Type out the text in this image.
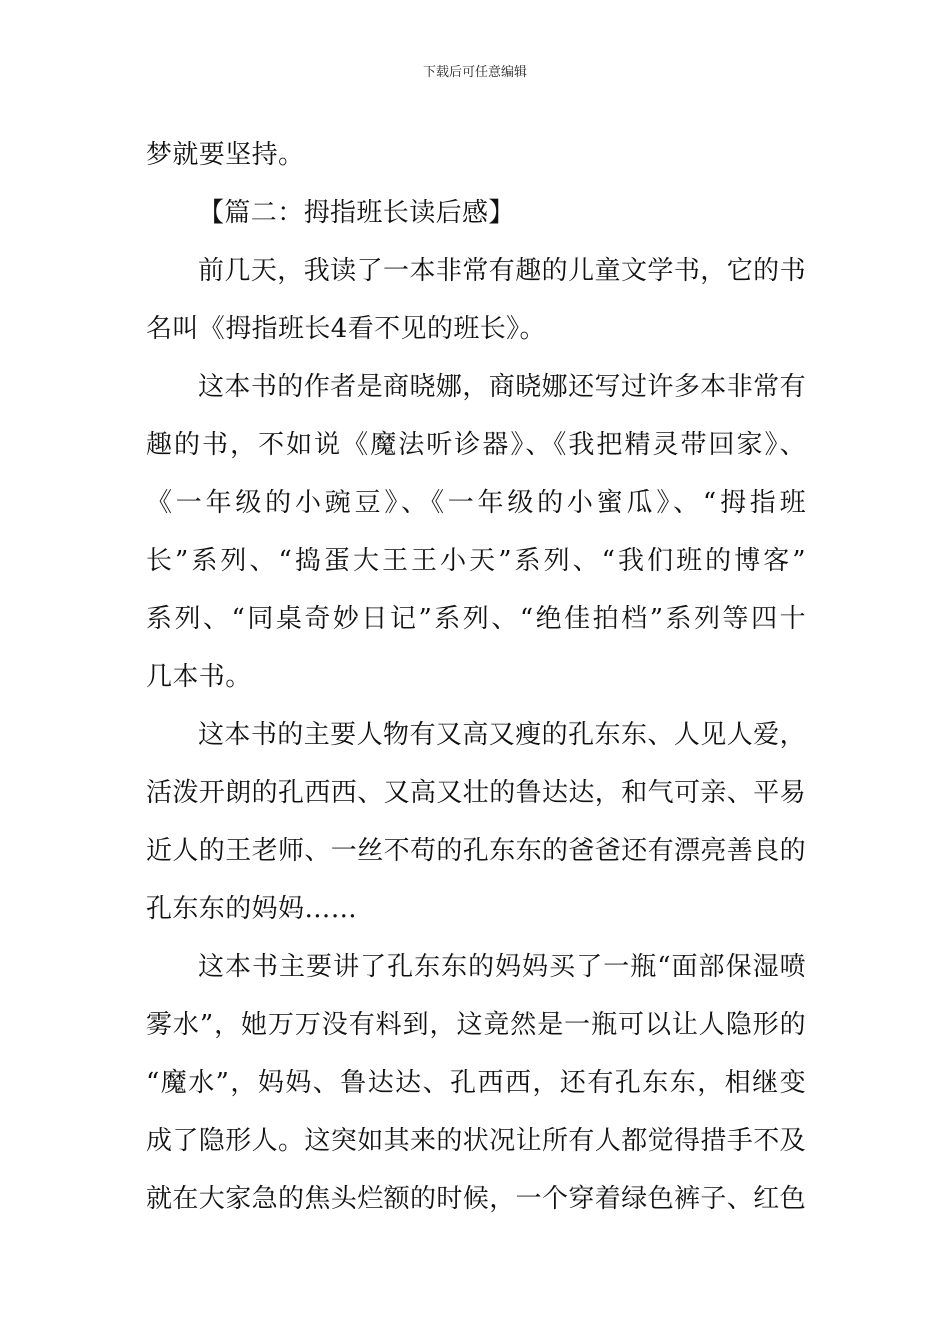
下载后可任意编辑
梦就要坚持。
【篇二：拇指班长读后感】
前几天，我读了一本非常有趣的儿童文学书，它的书
名叫《拇指班长4看不见的班长》。
这本书的作者是商晓娜，商晓娜还写过许多本非常有
趣的书，不如说《魔法听诊器》、《我把精灵带回家》、
《一年级的小豌豆》、《一年级的小蜜瓜》、“拇指班
长”系列、“捣蛋大王王小天”系列、“我们班的博客”
系列、“同桌奇妙日记”系列、“绝佳拍档”系列等四十
几本书。
这本书的主要人物有又高又瘦的孔东东、人见人爱，
活泼开朗的孔西西、又高又壮的鲁达达，和气可亲、平易
近人的王老师、一丝不苟的孔东东的爸爸还有漂亮善良的
孔东东的妈妈……
这本书主要讲了孔东东的妈妈买了一瓶“面部保湿喷
雾水”，她万万没有料到，这竟然是一瓶可以让人隐形的
“魔水”，妈妈、鲁达达、孔西西，还有孔东东，相继变
成了隐形人。这突如其来的状况让所有人都觉得措手不及
就在大家急的焦头烂额的时候，一个穿着绿色裤子、红色
